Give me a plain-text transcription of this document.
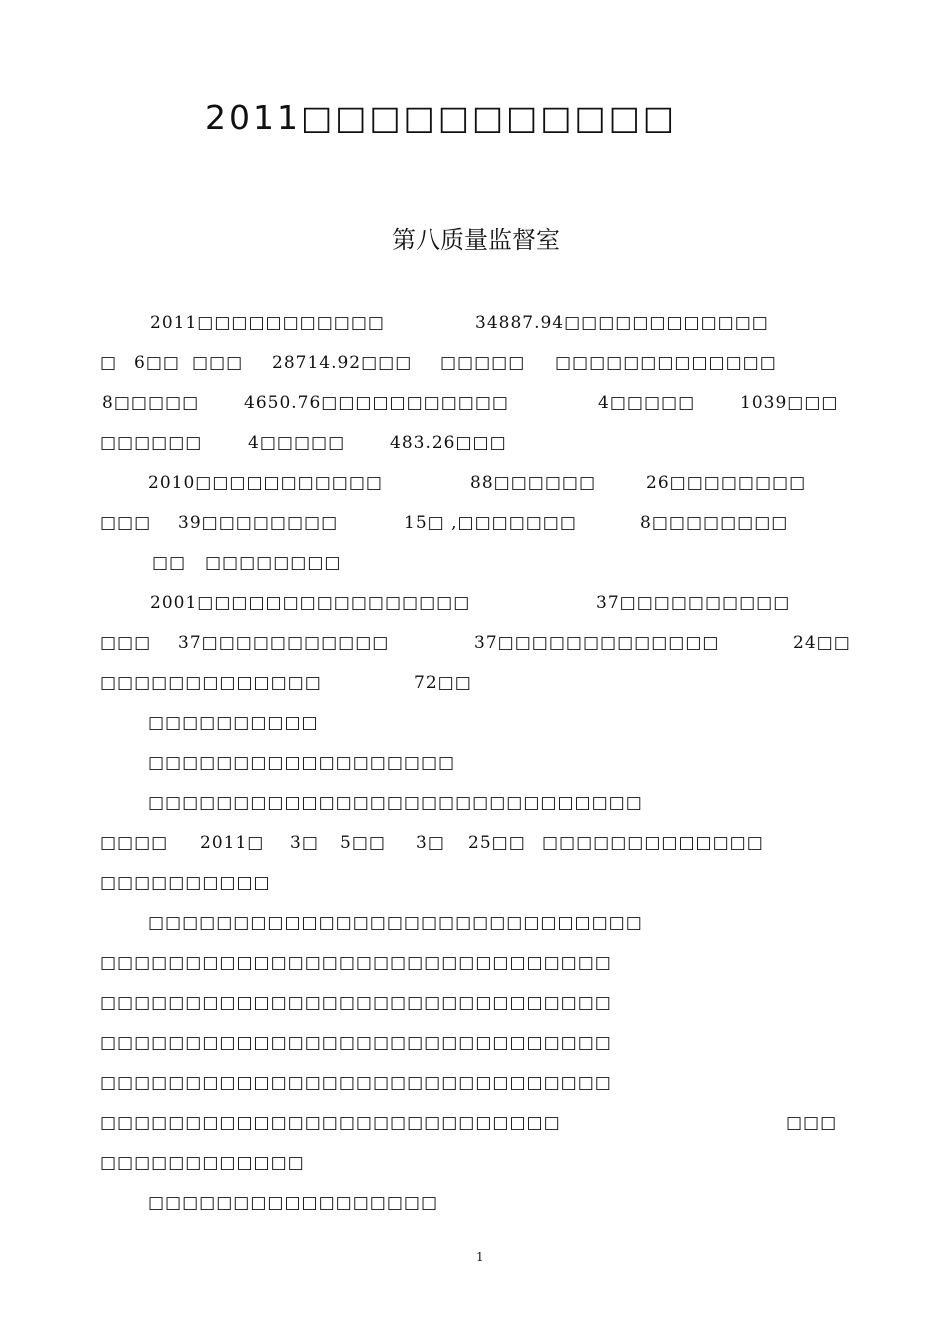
2011□□□□□□□□□□□
第八质量监督室
2011□□□□□□□□□□□	34887.94□□□□□□□□□□□□
□ 6□□ □□□ 28714.92□□□ □□□□□ □□□□□□□□□□□□□
8□□□□□	4650.76□□□□□□□□□□□	4□□□□□	1039□□□
□□□□□□	4□□□□□	483.26□□□
2010□□□□□□□□□□□	88□□□□□□	26□□□□□□□□
□□□ 39□□□□□□□□	15□ ,□□□□□□□	8□□□□□□□□
□□ □□□□□□□□
2001□□□□□□□□□□□□□□□□	37□□□□□□□□□□
□□□ 37□□□□□□□□□□□	37□□□□□□□□□□□□□	24□□
□□□□□□□□□□□□□	72□□
□□□□□□□□□□
□□□□□□□□□□□□□□□□□□
□□□□□□□□□□□□□□□□□□□□□□□□□□□□□
□□□□ 2011□ 3□ 5□□ 3□ 25□□ □□□□□□□□□□□□□
□□□□□□□□□□
□□□□□□□□□□□□□□□□□□□□□□□□□□□□□
□□□□□□□□□□□□□□□□□□□□□□□□□□□□□□
□□□□□□□□□□□□□□□□□□□□□□□□□□□□□□
□□□□□□□□□□□□□□□□□□□□□□□□□□□□□□
□□□□□□□□□□□□□□□□□□□□□□□□□□□□□□
□□□□□□□□□□□□□□□□□□□□□□□□□□□	□□□
□□□□□□□□□□□□
□□□□□□□□□□□□□□□□□
1
